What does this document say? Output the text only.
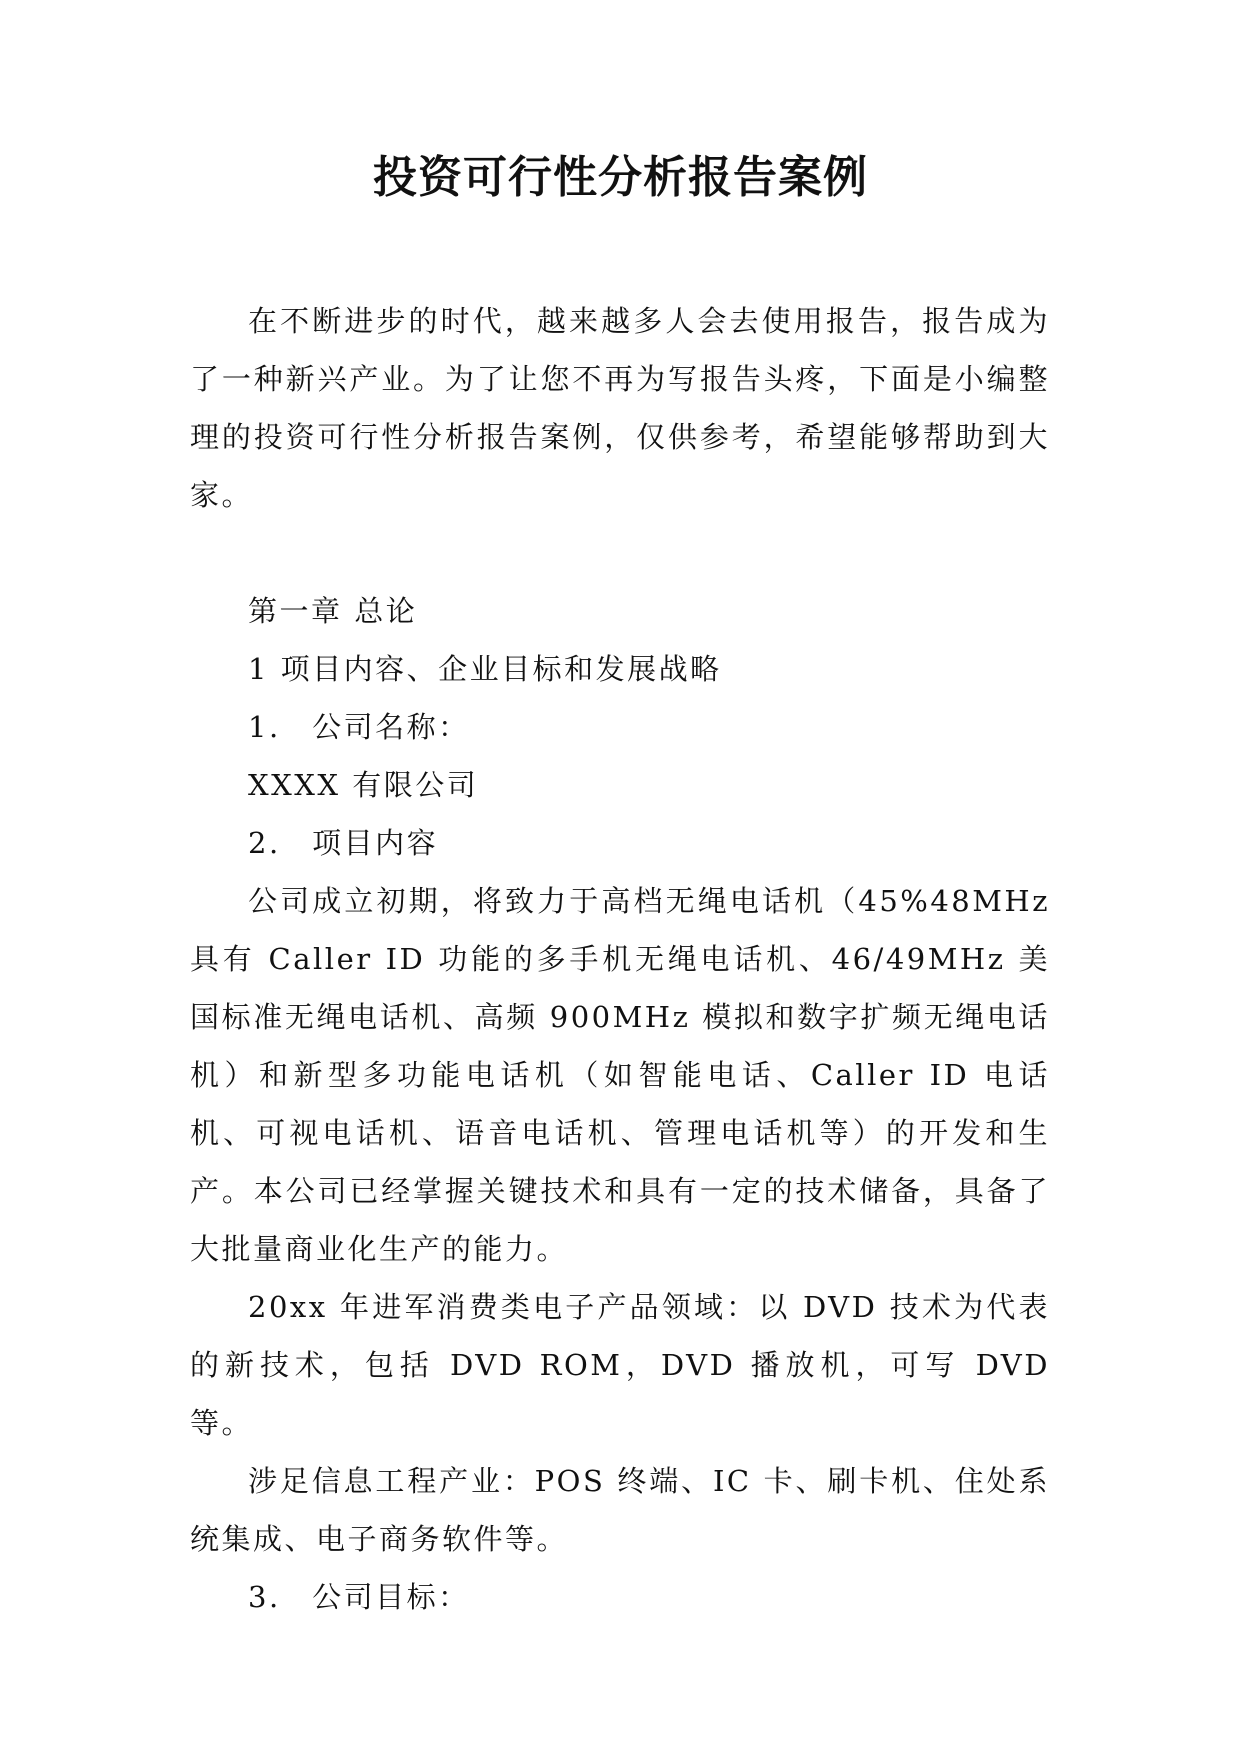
投资可行性分析报告案例

在不断进步的时代，越来越多人会去使用报告，报告成为了一种新兴产业。为了让您不再为写报告头疼，下面是小编整理的投资可行性分析报告案例，仅供参考，希望能够帮助到大家。

第一章 总论

1 项目内容、企业目标和发展战略

1.　公司名称：

XXXX 有限公司

2.　项目内容

公司成立初期，将致力于高档无绳电话机（45%48MHz 具有 Caller ID 功能的多手机无绳电话机、46/49MHz 美国标准无绳电话机、高频 900MHz 模拟和数字扩频无绳电话机）和新型多功能电话机（如智能电话、Caller ID 电话机、可视电话机、语音电话机、管理电话机等）的开发和生产。本公司已经掌握关键技术和具有一定的技术储备，具备了大批量商业化生产的能力。

20xx 年进军消费类电子产品领域：以 DVD 技术为代表的新技术，包括 DVD ROM，DVD 播放机，可写 DVD 等。

涉足信息工程产业：POS 终端、IC 卡、刷卡机、住处系统集成、电子商务软件等。

3.　公司目标：
